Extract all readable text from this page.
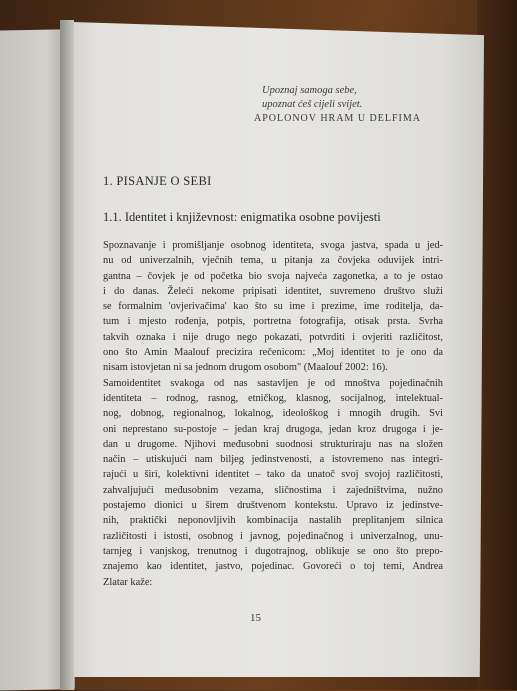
Upoznaj samoga sebe,
upoznat ćeš cijeli svijet.
APOLONOV HRAM U DELFIMA
1. PISANJE O SEBI
1.1. Identitet i književnost: enigmatika osobne povijesti
Spoznavanje i promišljanje osobnog identiteta, svoga jastva, spada u jed-
nu od univerzalnih, vječnih tema, u pitanja za čovjeka oduvijek intri-
gantna – čovjek je od početka bio svoja najveća zagonetka, a to je ostao
i do danas. Želeći nekome pripisati identitet, suvremeno društvo služi
se formalnim 'ovjerivačima' kao što su ime i prezime, ime roditelja, da-
tum i mjesto rođenja, potpis, portretna fotografija, otisak prsta. Svrha
takvih oznaka i nije drugo nego pokazati, potvrditi i ovjeriti različitost,
ono što Amin Maalouf precizira rečenicom: „Moj identitet to je ono da
nisam istovjetan ni sa jednom drugom osobom" (Maalouf 2002: 16).
Samoidentitet svakoga od nas sastavljen je od mnoštva pojedinačnih
identiteta – rodnog, rasnog, etničkog, klasnog, socijalnog, intelektual-
nog, dobnog, regionalnog, lokalnog, ideološkog i mnogih drugih. Svi
oni neprestano su-postoje – jedan kraj drugoga, jedan kroz drugoga i je-
dan u drugome. Njihovi međusobni suodnosi strukturiraju nas na složen
način – utiskujući nam biljeg jedinstvenosti, a istovremeno nas integri-
rajući u širi, kolektivni identitet – tako da unatoč svoj svojoj različitosti,
zahvaljujući međusobnim vezama, sličnostima i zajedništvima, nužno
postajemo dionici u širem društvenom kontekstu. Upravo iz jedinstve-
nih, praktički neponovljivih kombinacija nastalih preplitanjem silnica
različitosti i istosti, osobnog i javnog, pojedinačnog i univerzalnog, unu-
tarnjeg i vanjskog, trenutnog i dugotrajnog, oblikuje se ono što prepo-
znajemo kao identitet, jastvo, pojedinac. Govoreći o toj temi, Andrea
Zlatar kaže:
15
